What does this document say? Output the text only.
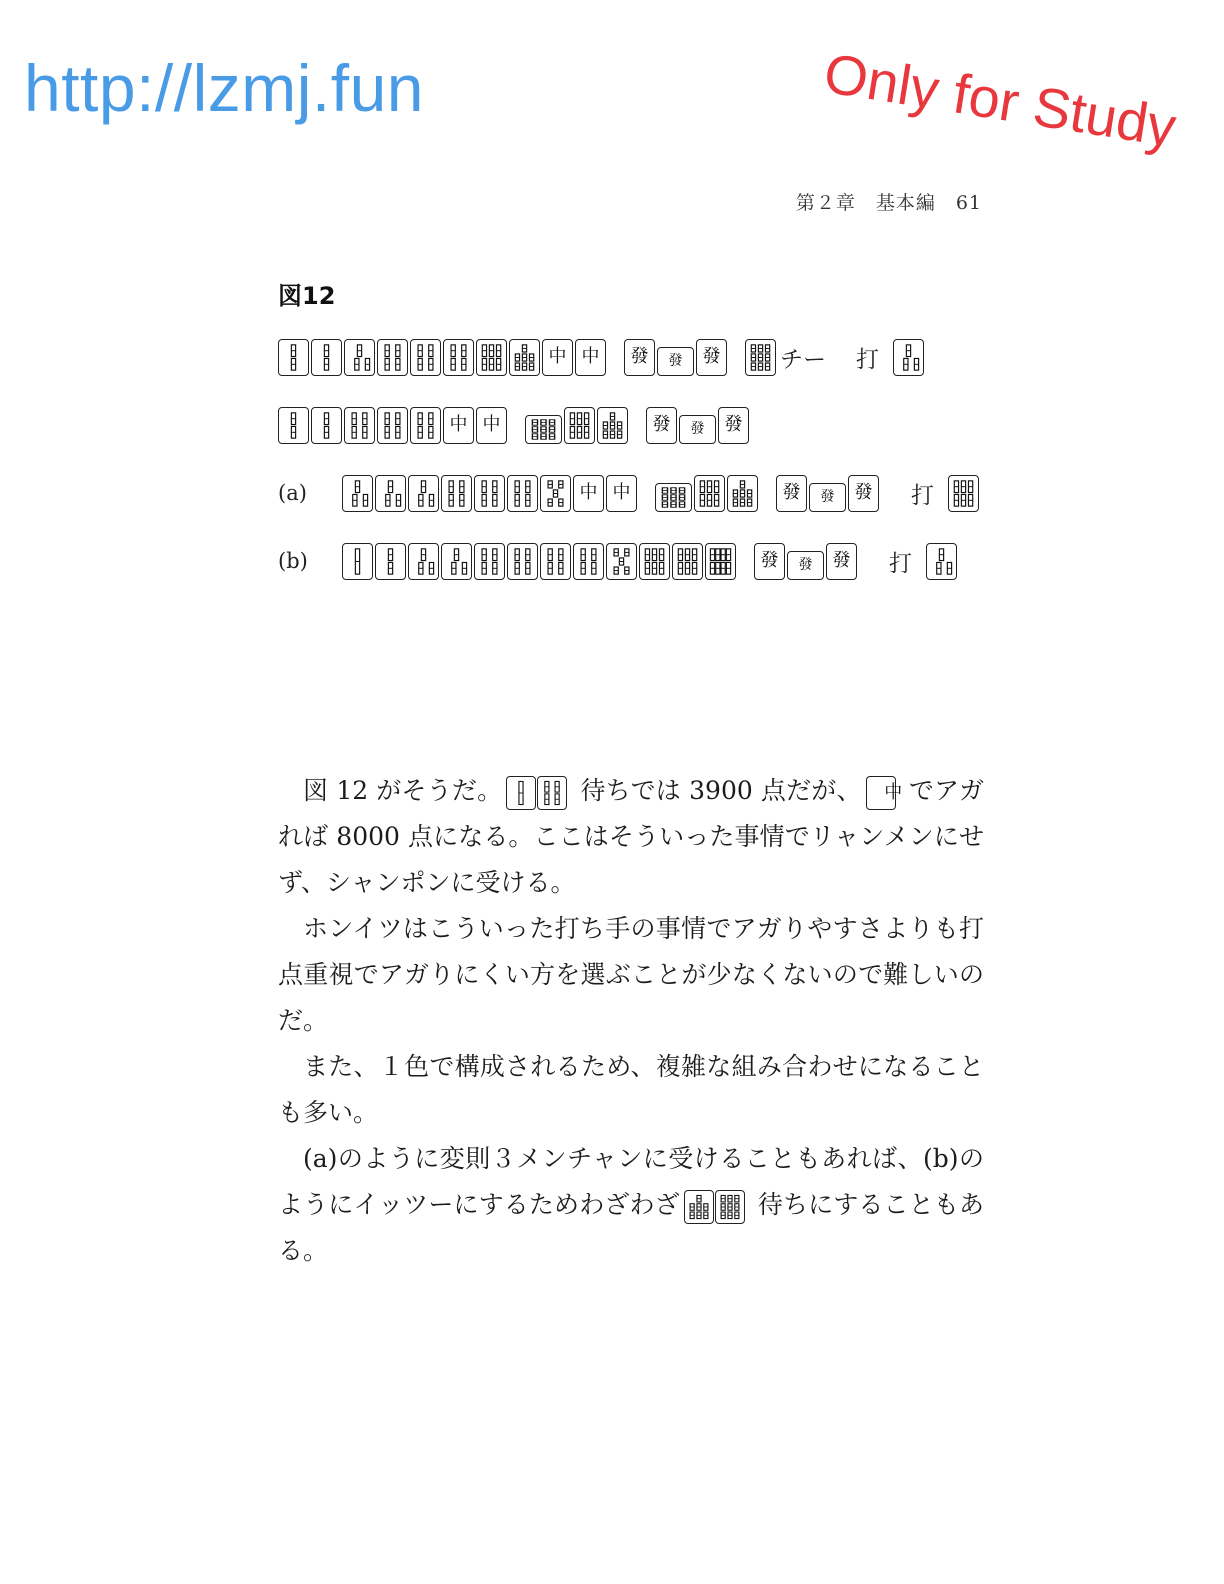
http://lzmj.fun	Only for Study
第２章　基本編　61
図12
中 中 發 發 發	チー 打
中 中	發 發 發
(a)	中 中	發 發 發 打
(b)	發 發 發 打

図 12 がそうだ。	待ちでは 3900 点だが、	中
でアガれば 8000 点になる。ここはそういった事情でリャンメンにせず、シャンポンに受ける。

ホンイツはこういった打ち手の事情でアガりやすさよりも打点重視でアガりにくい方を選ぶことが少なくないので難しいのだ。

また、１色で構成されるため、複雑な組み合わせになることも多い。

(a)のように変則３メンチャンに受けることもあれば、(b)のようにイッツーにするためわざわざ	待ちにすることもある。
